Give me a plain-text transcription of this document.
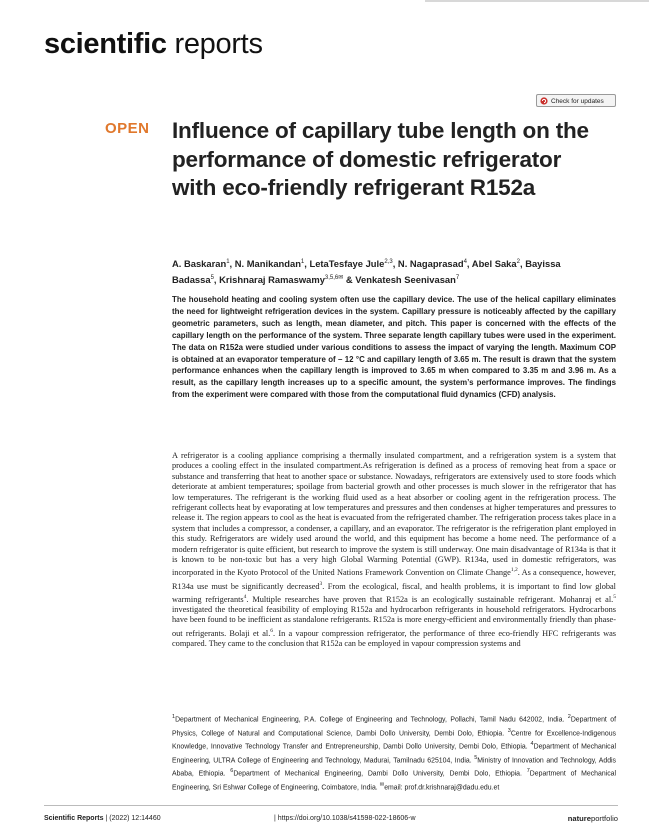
scientific reports
Check for updates
OPEN Influence of capillary tube length on the performance of domestic refrigerator with eco-friendly refrigerant R152a
A. Baskaran$^1$, N. Manikandan$^1$, LetaTesfaye Jule$^{2,3}$, N. Nagaprasad$^4$, Abel Saka$^2$, Bayissa Badassa$^5$, Krishnaraj Ramaswamy$^{3,5,6✉}$ & Venkatesh Seenivasan$^7$
The household heating and cooling system often use the capillary device. The use of the helical capillary eliminates the need for lightweight refrigeration devices in the system. Capillary pressure is noticeably affected by the capillary geometric parameters, such as length, mean diameter, and pitch. This paper is concerned with the effects of the capillary length on the performance of the system. Three separate length capillary tubes were used in the experiment. The data on R152a were studied under various conditions to assess the impact of varying the length. Maximum COP is obtained at an evaporator temperature of – 12 °C and capillary length of 3.65 m. The result is drawn that the system performance enhances when the capillary length is improved to 3.65 m when compared to 3.35 m and 3.96 m. As a result, as the capillary length increases up to a specific amount, the system’s performance improves. The findings from the experiment were compared with those from the computational fluid dynamics (CFD) analysis.
A refrigerator is a cooling appliance comprising a thermally insulated compartment, and a refrigeration system is a system that produces a cooling effect in the insulated compartment.As refrigeration is defined as a process of removing heat from a space or substance and transferring that heat to another space or substance. Nowadays, refrigerators are extensively used to store foods which deteriorate at ambient temperatures; spoilage from bacterial growth and other processes is much slower in the refrigerator that has low temperatures. The refrigerant is the working fluid used as a heat absorber or cooling agent in the refrigeration process. The refrigerant collects heat by evaporating at low temperatures and pressures and then condenses at higher temperatures and pressures to release it. The region appears to cool as the heat is evacuated from the refrigerated chamber. The refrigeration process takes place in a system that includes a compressor, a condenser, a capillary, and an evaporator. The refrigerator is the refrigeration plant employed in this study. Refrigerators are widely used around the world, and this equipment has become a home need. The performance of a modern refrigerator is quite efficient, but research to improve the system is still underway. One main disadvantage of R134a is that it is known to be non-toxic but has a very high Global Warming Potential (GWP). R134a, used in domestic refrigerators, was incorporated in the Kyoto Protocol of the United Nations Framework Convention on Climate Change$^{1,2}$. As a consequence, however, R134a use must be significantly decreased$^3$. From the ecological, fiscal, and health problems, it is important to find low global warming refrigerants$^4$. Multiple researches have proven that R152a is an ecologically sustainable refrigerant. Mohanraj et al.$^5$ investigated the theoretical feasibility of employing R152a and hydrocarbon refrigerants in household refrigerators. Hydrocarbons have been found to be inefficient as standalone refrigerants. R152a is more energy-efficient and environmentally friendly than phase-out refrigerants. Bolaji et al.$^6$. In a vapour compression refrigerator, the performance of three eco-friendly HFC refrigerants was compared. They came to the conclusion that R152a can be employed in vapour compression systems and
$^1$Department of Mechanical Engineering, P.A. College of Engineering and Technology, Pollachi, Tamil Nadu 642002, India. $^2$Department of Physics, College of Natural and Computational Science, Dambi Dollo University, Dembi Dolo, Ethiopia. $^3$Centre for Excellence-Indigenous Knowledge, Innovative Technology Transfer and Entrepreneurship, Dambi Dollo University, Dembi Dolo, Ethiopia. $^4$Department of Mechanical Engineering, ULTRA College of Engineering and Technology, Madurai, Tamilnadu 625104, India. $^5$Ministry of Innovation and Technology, Addis Ababa, Ethiopia. $^6$Department of Mechanical Engineering, Dambi Dollo University, Dembi Dolo, Ethiopia. $^7$Department of Mechanical Engineering, Sri Eshwar College of Engineering, Coimbatore, India. ✉email: prof.dr.krishnaraj@dadu.edu.et
Scientific Reports | (2022) 12:14460	| https://doi.org/10.1038/s41598-022-18606-w	natureportfolio
